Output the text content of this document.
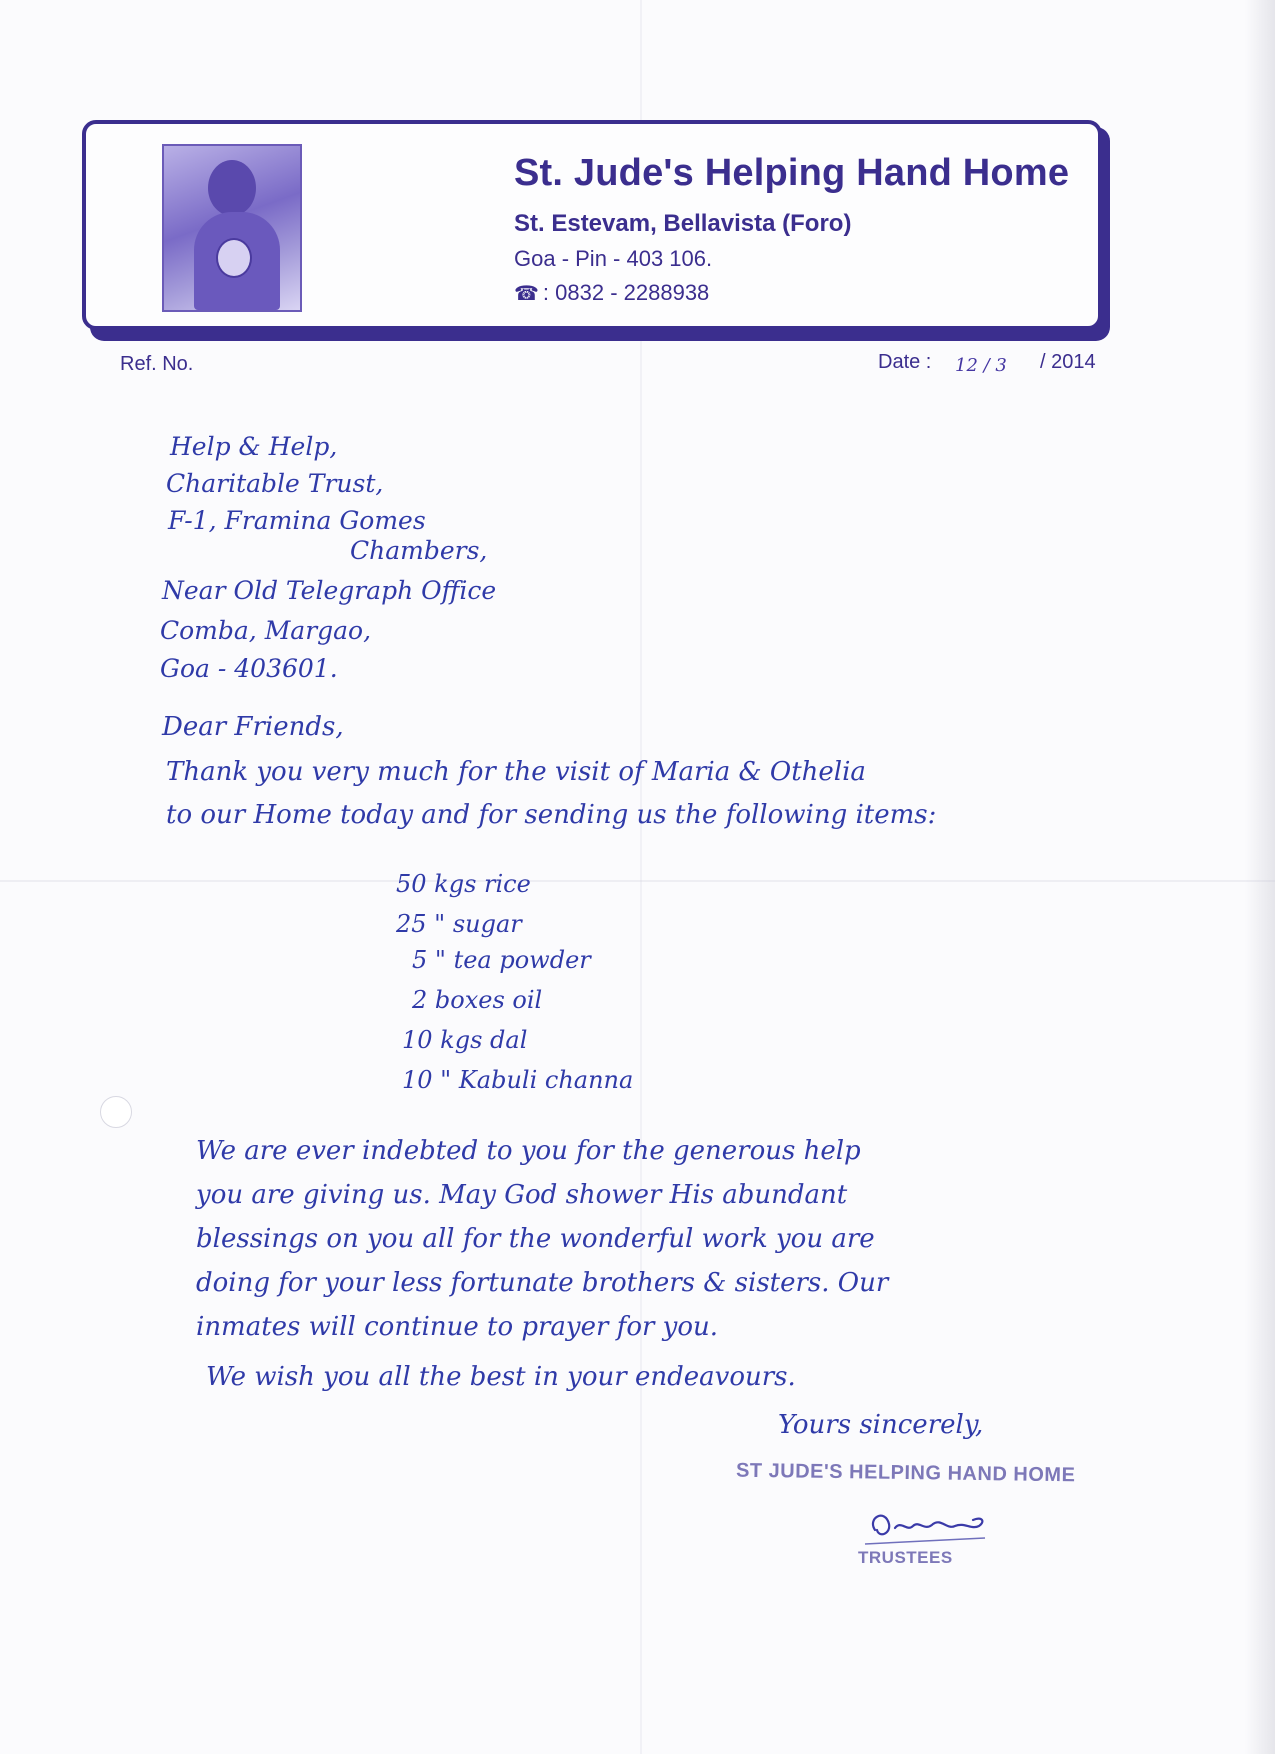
St. Jude's Helping Hand Home
St. Estevam, Bellavista (Foro)
Goa - Pin - 403 106.
☎ : 0832 - 2288938
Ref. No.	Date : 12 / 3 / 2014
Help & Help,
Charitable Trust,
F-1, Framina Gomes
Chambers,
Near Old Telegraph Office
Comba, Margao,
Goa - 403601.
Dear Friends,
Thank you very much for the visit of Maria & Othelia
to our Home today and for sending us the following items:
50 kgs rice
25 " sugar
5 " tea powder
2 boxes oil
10 kgs dal
10 " Kabuli channa
We are ever indebted to you for the generous help
you are giving us. May God shower His abundant
blessings on you all for the wonderful work you are
doing for your less fortunate brothers & sisters. Our
inmates will continue to prayer for you.
We wish you all the best in your endeavours.
Yours sincerely,
ST JUDE'S HELPING HAND HOME
TRUSTEES
